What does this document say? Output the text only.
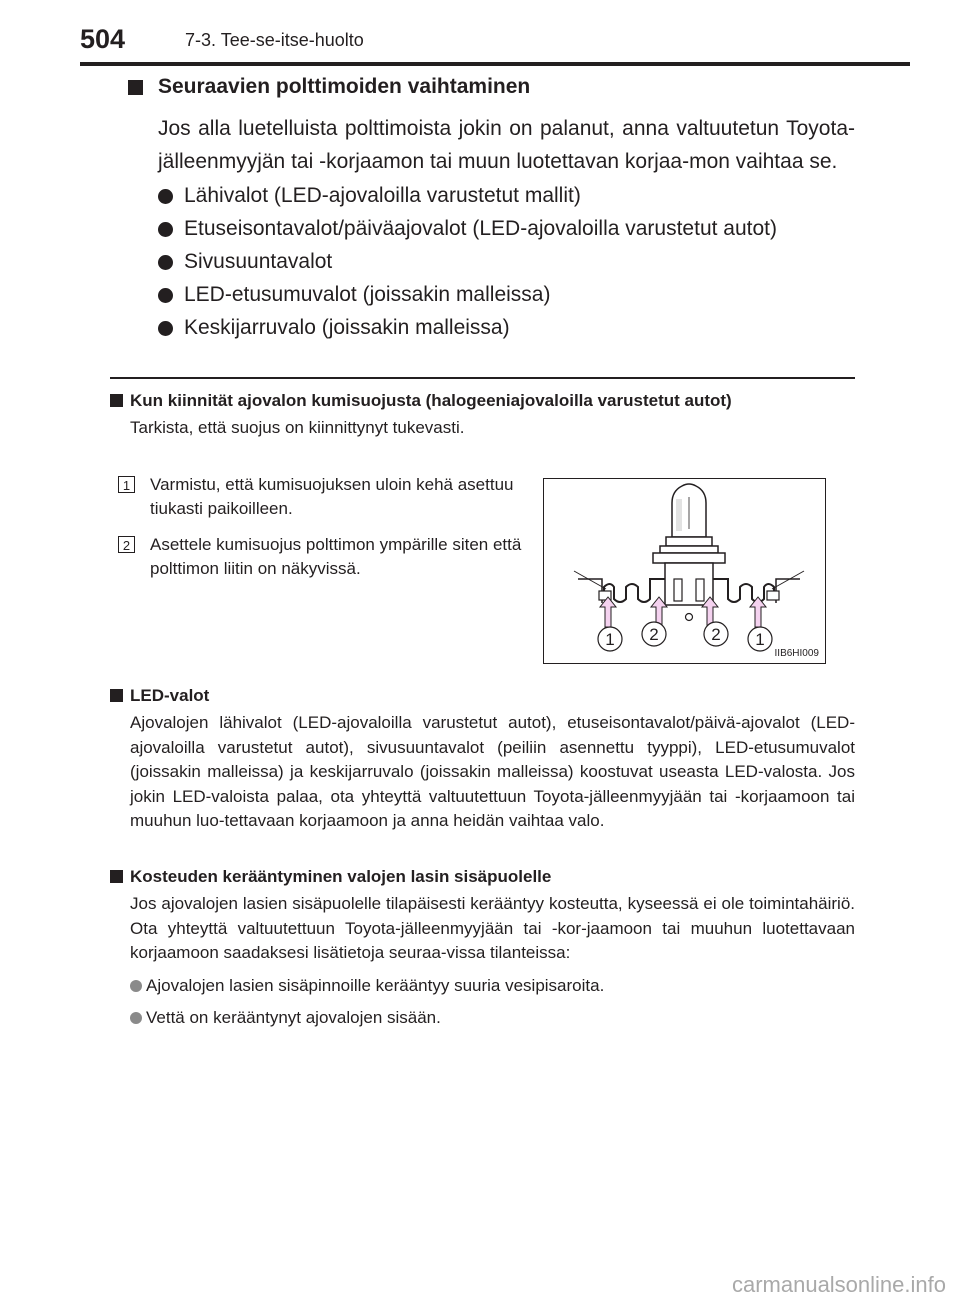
504	7-3. Tee-se-itse-huolto
Seuraavien polttimoiden vaihtaminen
Jos alla luetelluista polttimoista jokin on palanut, anna valtuutetun Toyota-jälleenmyyjän tai -korjaamon tai muun luotettavan korjaa-mon vaihtaa se.
Lähivalot (LED-ajovaloilla varustetut mallit)
Etuseisontavalot/päiväajovalot (LED-ajovaloilla varustetut autot)
Sivusuuntavalot
LED-etusumuvalot (joissakin malleissa)
Keskijarruvalo (joissakin malleissa)
Kun kiinnität ajovalon kumisuojusta (halogeeniajovaloilla varustetut autot)
Tarkista, että suojus on kiinnittynyt tukevasti.
1 Varmistu, että kumisuojuksen uloin kehä asettuu tiukasti paikoilleen.
2 Asettele kumisuojus polttimon ympärille siten että polttimon liitin on näkyvissä.
1 2	2 1
IIB6HI009
LED-valot
Ajovalojen lähivalot (LED-ajovaloilla varustetut autot), etuseisontavalot/päivä-ajovalot (LED-ajovaloilla varustetut autot), sivusuuntavalot (peiliin asennettu tyyppi), LED-etusumuvalot (joissakin malleissa) ja keskijarruvalo (joissakin malleissa) koostuvat useasta LED-valosta. Jos jokin LED-valoista palaa, ota yhteyttä valtuutettuun Toyota-jälleenmyyjään tai -korjaamoon tai muuhun luo-tettavaan korjaamoon ja anna heidän vaihtaa valo.
Kosteuden kerääntyminen valojen lasin sisäpuolelle
Jos ajovalojen lasien sisäpuolelle tilapäisesti kerääntyy kosteutta, kyseessä ei ole toimintahäiriö. Ota yhteyttä valtuutettuun Toyota-jälleenmyyjään tai -kor-jaamoon tai muuhun luotettavaan korjaamoon saadaksesi lisätietoja seuraa-vissa tilanteissa:
Ajovalojen lasien sisäpinnoille kerääntyy suuria vesipisaroita.
Vettä on kerääntynyt ajovalojen sisään.
carmanualsonline.info
